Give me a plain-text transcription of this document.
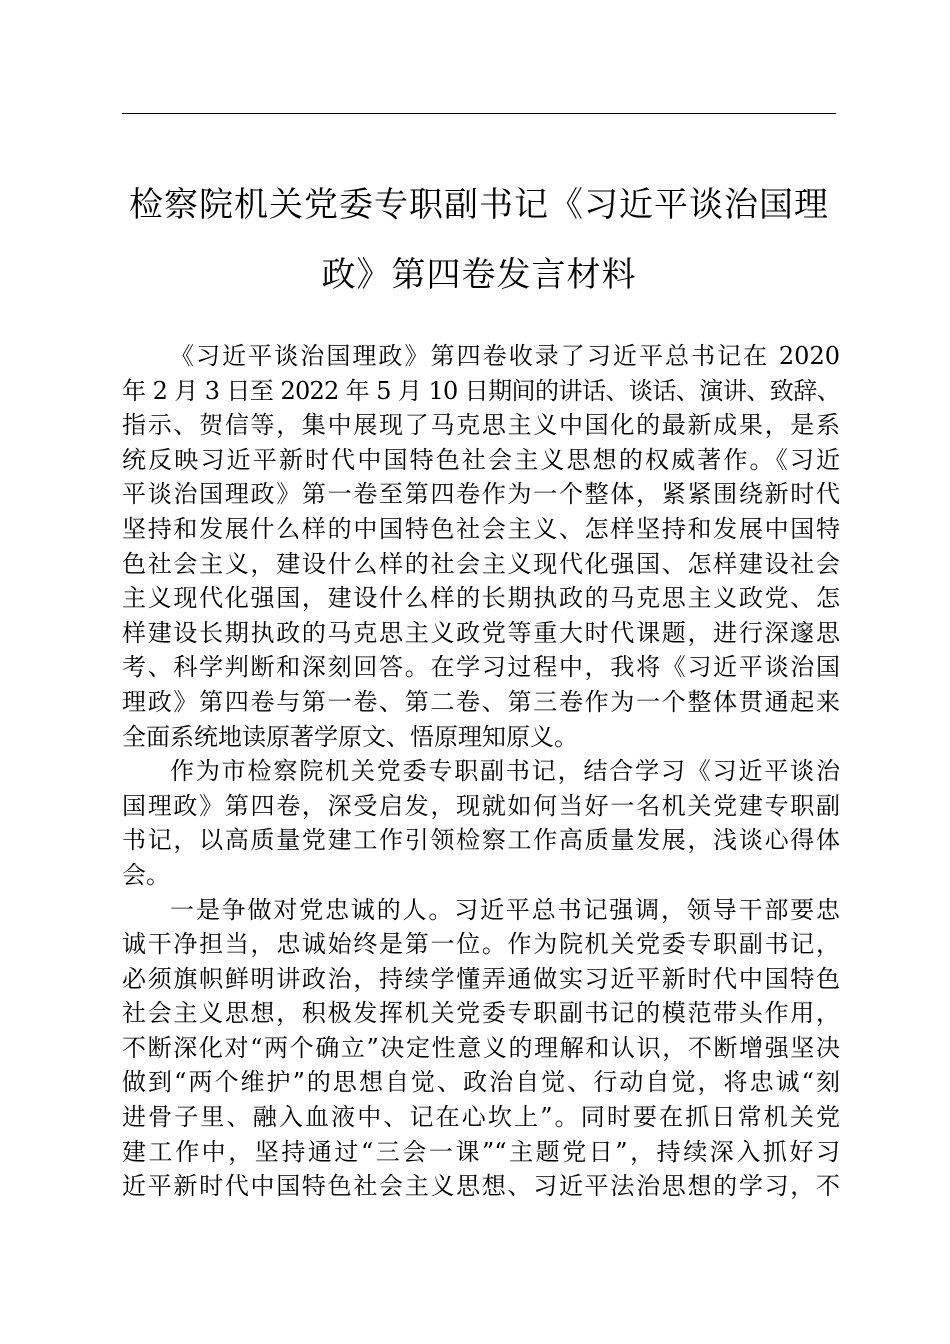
检察院机关党委专职副书记《习近平谈治国理
政》第四卷发言材料
《习近平谈治国理政》第四卷收录了习近平总书记在 2020
年 2 月 3 日至 2022 年 5 月 10 日期间的讲话、谈话、演讲、致辞、
指示、贺信等，集中展现了马克思主义中国化的最新成果，是系
统反映习近平新时代中国特色社会主义思想的权威著作。《习近
平谈治国理政》第一卷至第四卷作为一个整体，紧紧围绕新时代
坚持和发展什么样的中国特色社会主义、怎样坚持和发展中国特
色社会主义，建设什么样的社会主义现代化强国、怎样建设社会
主义现代化强国，建设什么样的长期执政的马克思主义政党、怎
样建设长期执政的马克思主义政党等重大时代课题，进行深邃思
考、科学判断和深刻回答。在学习过程中，我将《习近平谈治国
理政》第四卷与第一卷、第二卷、第三卷作为一个整体贯通起来
全面系统地读原著学原文、悟原理知原义。
作为市检察院机关党委专职副书记，结合学习《习近平谈治
国理政》第四卷，深受启发，现就如何当好一名机关党建专职副
书记，以高质量党建工作引领检察工作高质量发展，浅谈心得体
会。
一是争做对党忠诚的人。习近平总书记强调，领导干部要忠
诚干净担当，忠诚始终是第一位。作为院机关党委专职副书记，
必须旗帜鲜明讲政治，持续学懂弄通做实习近平新时代中国特色
社会主义思想，积极发挥机关党委专职副书记的模范带头作用，
不断深化对“两个确立”决定性意义的理解和认识，不断增强坚决
做到“两个维护”的思想自觉、政治自觉、行动自觉，将忠诚“刻
进骨子里、融入血液中、记在心坎上”。同时要在抓日常机关党
建工作中，坚持通过“三会一课”“主题党日”，持续深入抓好习
近平新时代中国特色社会主义思想、习近平法治思想的学习，不
